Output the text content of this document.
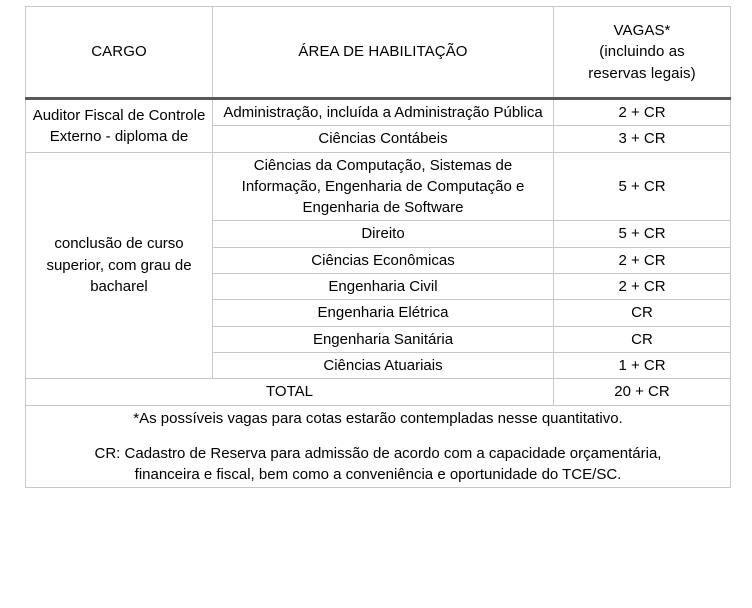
CARGO	ÁREA DE HABILITAÇÃO	VAGAS*
(incluindo as
reservas legais)

Auditor Fiscal de Controle Externo - diploma de	Administração, incluída a Administração Pública	2 + CR
	Ciências Contábeis	3 + CR
conclusão de curso superior, com grau de bacharel	Ciências da Computação, Sistemas de Informação, Engenharia de Computação e Engenharia de Software	5 + CR
	Direito	5 + CR
	Ciências Econômicas	2 + CR
	Engenharia Civil	2 + CR
	Engenharia Elétrica	CR
	Engenharia Sanitária	CR
	Ciências Atuariais	1 + CR
TOTAL		20 + CR

*As possíveis vagas para cotas estarão contempladas nesse quantitativo.
CR: Cadastro de Reserva para admissão de acordo com a capacidade orçamentária,
financeira e fiscal, bem como a conveniência e oportunidade do TCE/SC.		
